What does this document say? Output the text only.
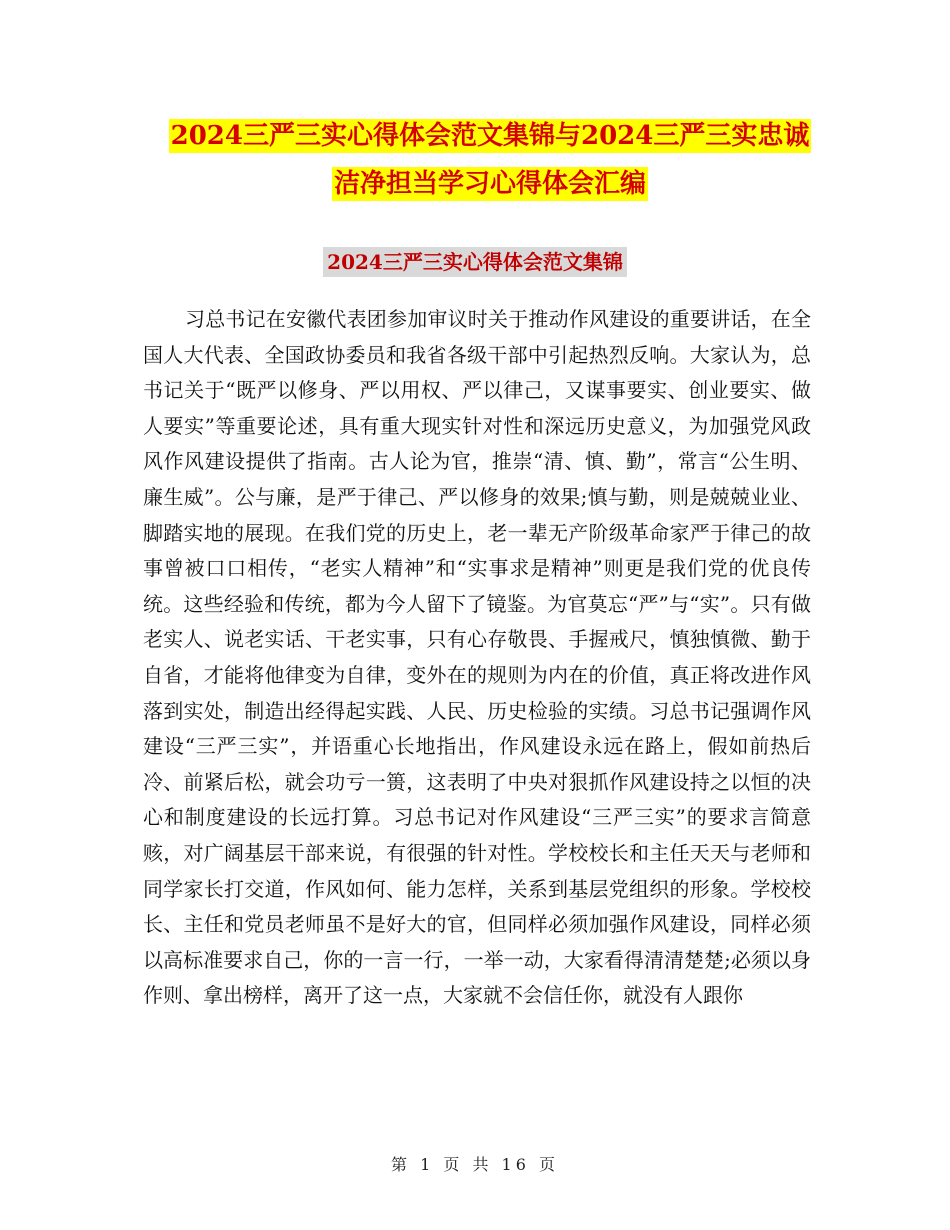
2024三严三实心得体会范文集锦与2024三严三实忠诚
洁净担当学习心得体会汇编
2024三严三实心得体会范文集锦

习总书记在安徽代表团参加审议时关于推动作风建设的重要讲话，在全国人大代表、全国政协委员和我省各级干部中引起热烈反响。大家认为，总书记关于“既严以修身、严以用权、严以律己，又谋事要实、创业要实、做人要实”等重要论述，具有重大现实针对性和深远历史意义，为加强党风政风作风建设提供了指南。古人论为官，推崇“清、慎、勤”，常言“公生明、廉生威”。公与廉，是严于律己、严以修身的效果;慎与勤，则是兢兢业业、脚踏实地的展现。在我们党的历史上，老一辈无产阶级革命家严于律己的故事曾被口口相传，“老实人精神”和“实事求是精神”则更是我们党的优良传统。这些经验和传统，都为今人留下了镜鉴。为官莫忘“严”与“实”。只有做老实人、说老实话、干老实事，只有心存敬畏、手握戒尺，慎独慎微、勤于自省，才能将他律变为自律，变外在的规则为内在的价值，真正将改进作风落到实处，制造出经得起实践、人民、历史检验的实绩。习总书记强调作风建设“三严三实”，并语重心长地指出，作风建设永远在路上，假如前热后冷、前紧后松，就会功亏一篑，这表明了中央对狠抓作风建设持之以恒的决心和制度建设的长远打算。习总书记对作风建设“三严三实”的要求言简意赅，对广阔基层干部来说，有很强的针对性。学校校长和主任天天与老师和同学家长打交道，作风如何、能力怎样，关系到基层党组织的形象。学校校长、主任和党员老师虽不是好大的官，但同样必须加强作风建设，同样必须以高标准要求自己，你的一言一行，一举一动，大家看得清清楚楚;必须以身作则、拿出榜样，离开了这一点，大家就不会信任你，就没有人跟你

第 1 页 共 16 页
